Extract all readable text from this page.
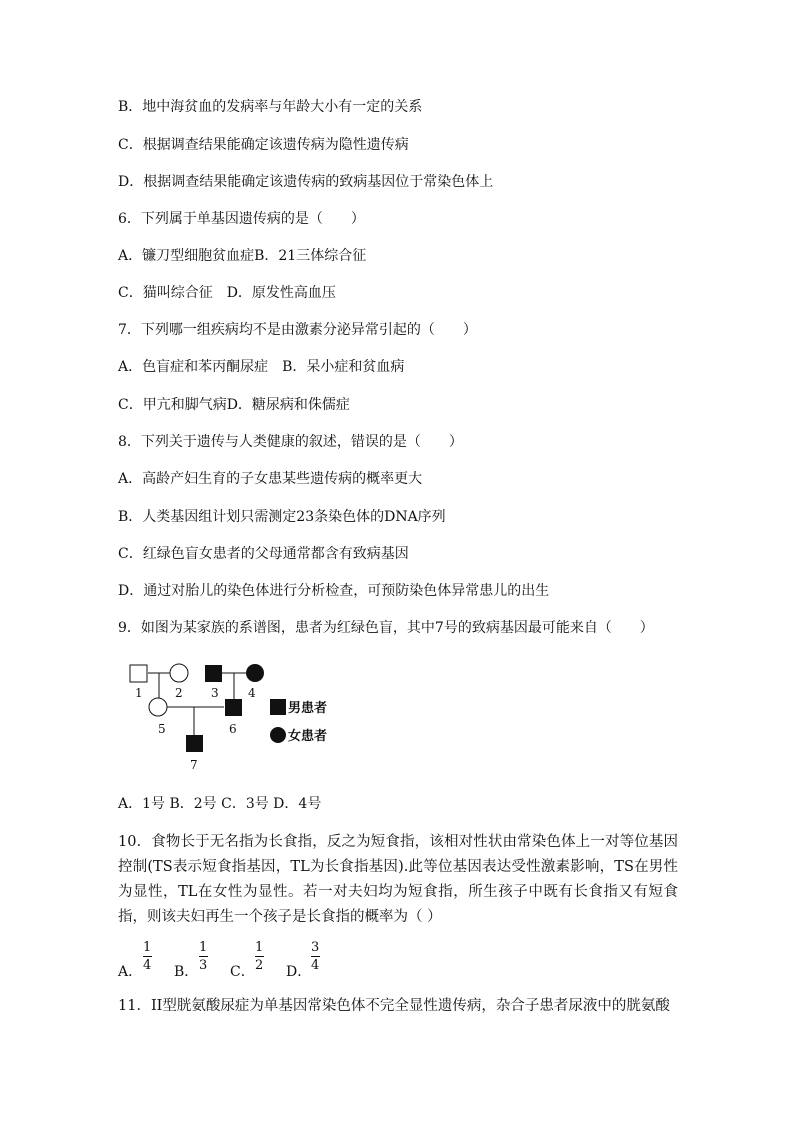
B．地中海贫血的发病率与年龄大小有一定的关系
C．根据调查结果能确定该遗传病为隐性遗传病
D．根据调查结果能确定该遗传病的致病基因位于常染色体上
6．下列属于单基因遗传病的是（　　）
A．镰刀型细胞贫血症B．21三体综合征
C．猫叫综合征　D．原发性高血压
7．下列哪一组疾病均不是由激素分泌异常引起的（　　）
A．色盲症和苯丙酮尿症　B．呆小症和贫血病
C．甲亢和脚气病D．糖尿病和侏儒症
8．下列关于遗传与人类健康的叙述，错误的是（　　）
A．高龄产妇生育的子女患某些遗传病的概率更大
B．人类基因组计划只需测定23条染色体的DNA序列
C．红绿色盲女患者的父母通常都含有致病基因
D．通过对胎儿的染色体进行分析检查，可预防染色体异常患儿的出生
9．如图为某家族的系谱图，患者为红绿色盲，其中7号的致病基因最可能来自（　　）
1	2 3 4
5	6
7
男患者
女患者
A．1号 B．2号 C．3号 D．4号
10．食物长于无名指为长食指，反之为短食指，该相对性状由常染色体上一对等位基因控制(TS表示短食指基因，TL为长食指基因).此等位基因表达受性激素影响，TS在男性为显性，TL在女性为显性。若一对夫妇均为短食指，所生孩子中既有长食指又有短食指，则该夫妇再生一个孩子是长食指的概率为（ ）
A．
1
4 B．
1
3 C．
1
2 D．
3
4
11．II型胱氨酸尿症为单基因常染色体不完全显性遗传病，杂合子患者尿液中的胱氨酸
